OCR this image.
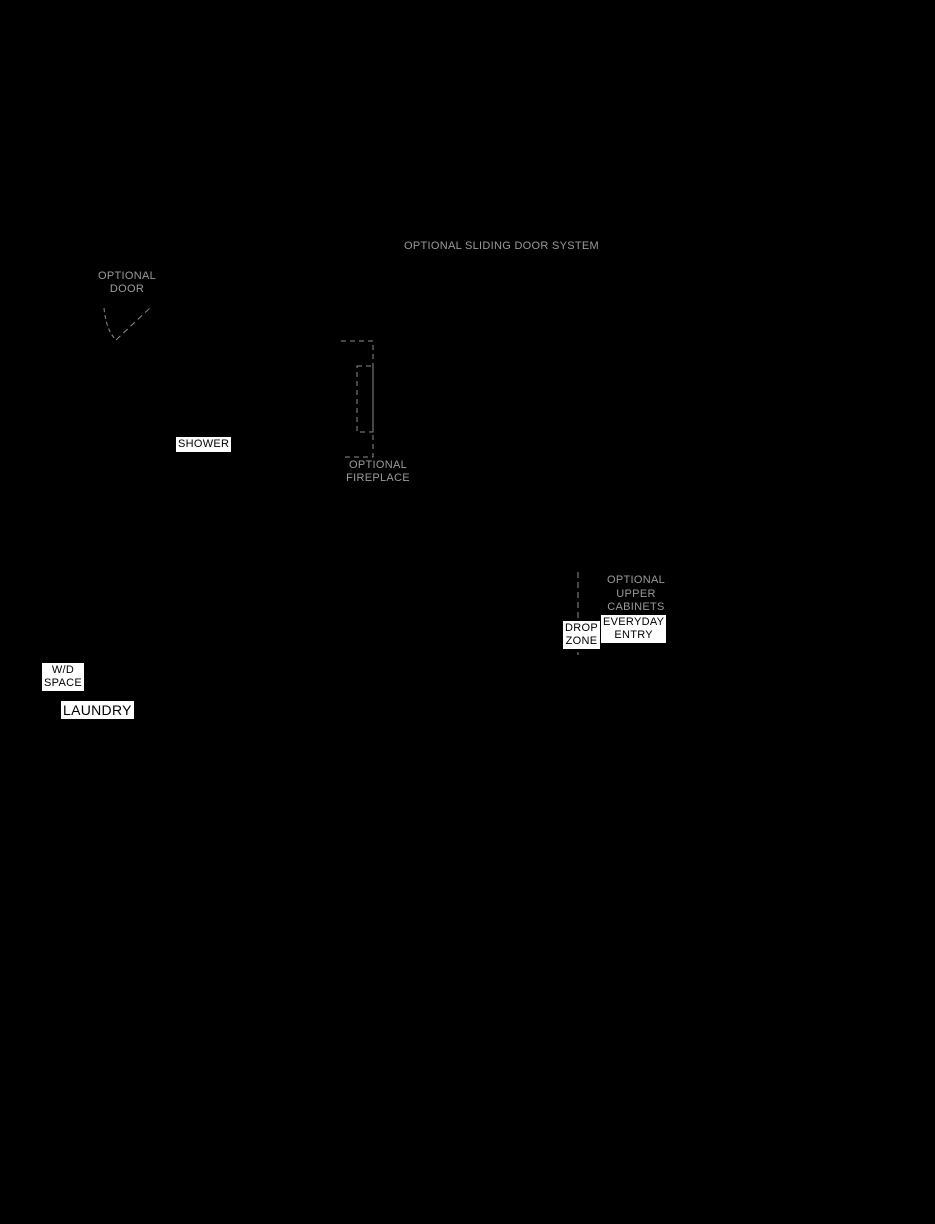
OPTIONAL SLIDING DOOR SYSTEM
OPTIONAL
DOOR
SHOWER
OPTIONAL
FIREPLACE
OPTIONAL
UPPER
CABINETS
EVERYDAY
ENTRY
DROP
ZONE
W/D
SPACE
LAUNDRY
